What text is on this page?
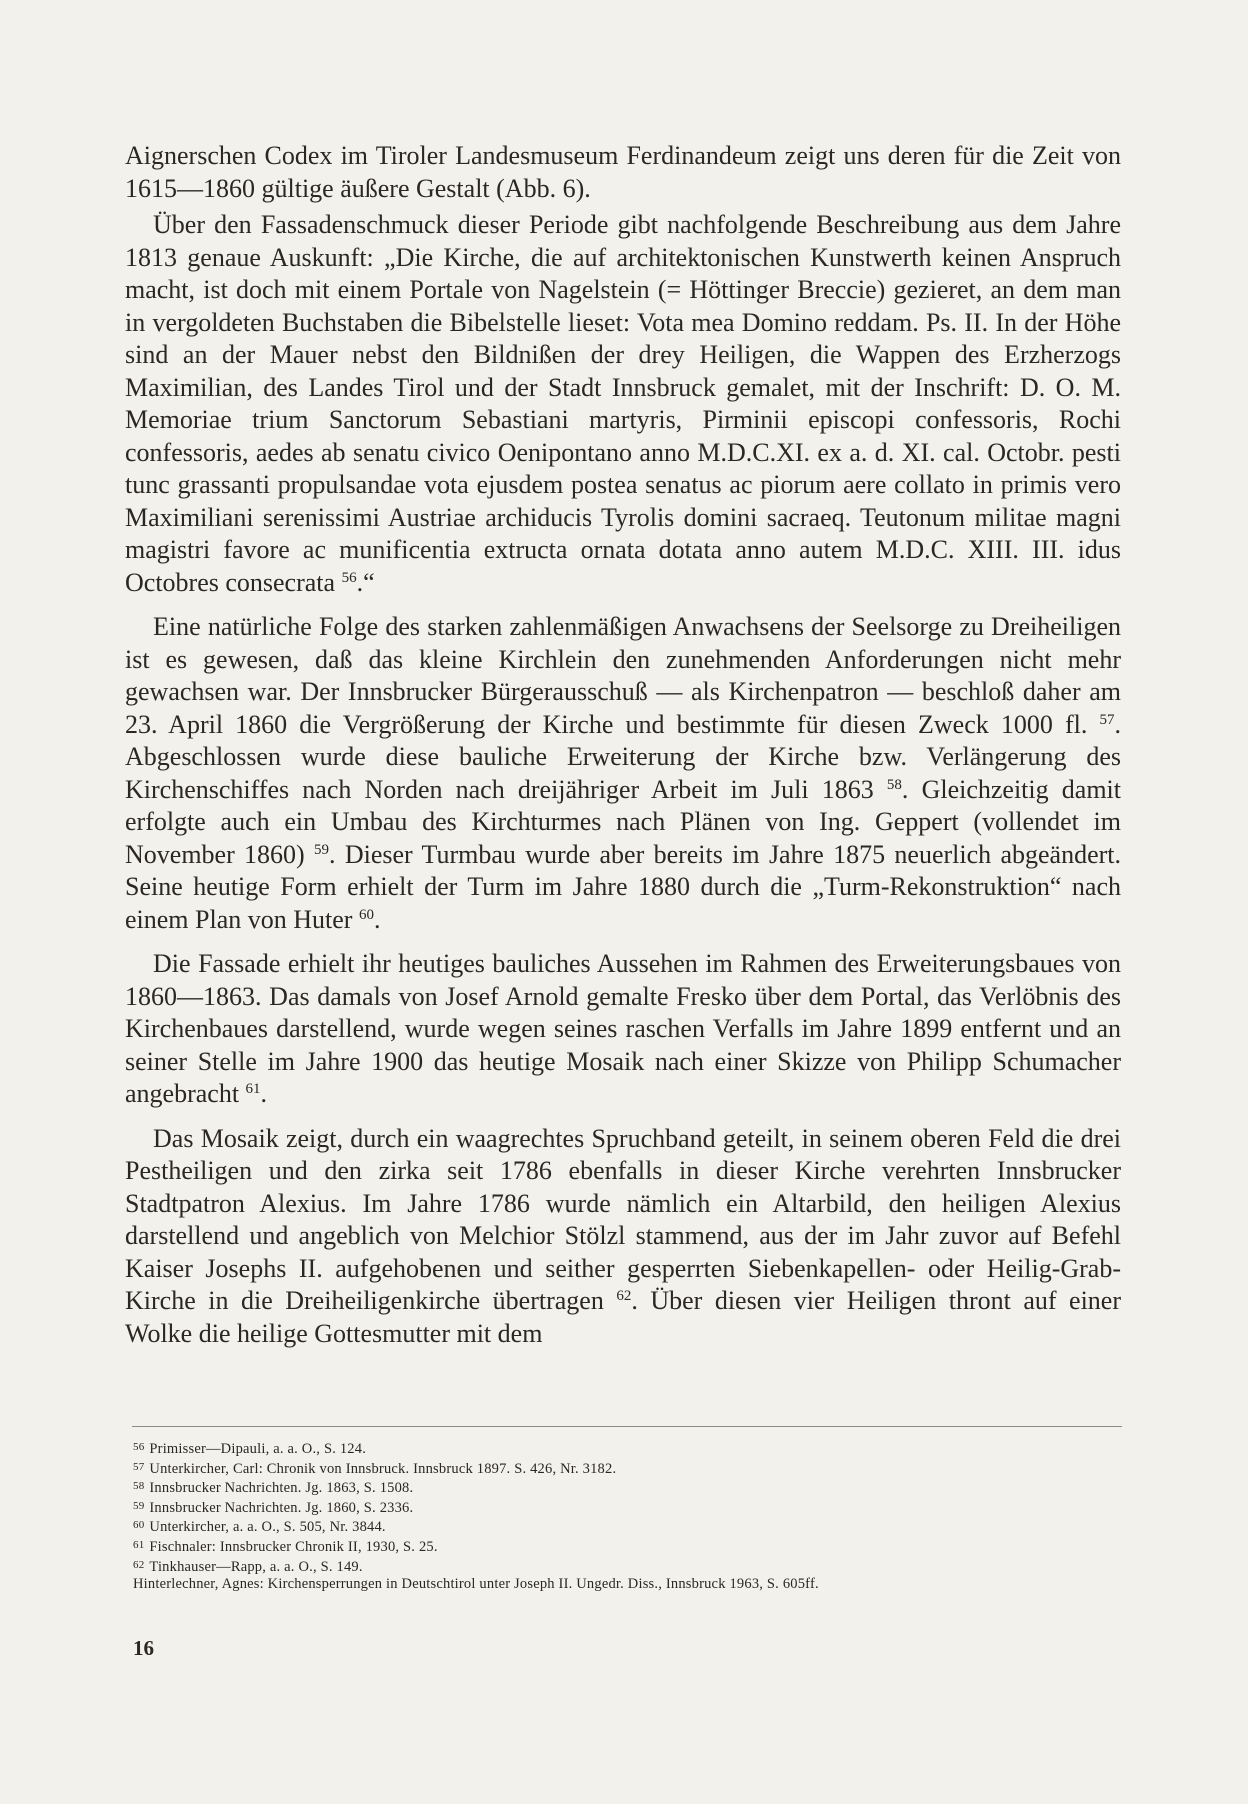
Aignerschen Codex im Tiroler Landesmuseum Ferdinandeum zeigt uns deren für die Zeit von 1615—1860 gültige äußere Gestalt (Abb. 6).

Über den Fassadenschmuck dieser Periode gibt nachfolgende Beschreibung aus dem Jahre 1813 genaue Auskunft: „Die Kirche, die auf architektonischen Kunstwerth keinen Anspruch macht, ist doch mit einem Portale von Nagelstein (= Höttinger Breccie) gezieret, an dem man in vergoldeten Buchstaben die Bibelstelle lieset: Vota mea Domino reddam. Ps. II. In der Höhe sind an der Mauer nebst den Bildnißen der drey Heiligen, die Wappen des Erzherzogs Maximilian, des Landes Tirol und der Stadt Innsbruck gemalet, mit der Inschrift: D. O. M. Memoriae trium Sanctorum Sebastiani martyris, Pirminii episcopi confessoris, Rochi confessoris, aedes ab senatu civico Oenipontano anno M.D.C.XI. ex a. d. XI. cal. Octobr. pesti tunc grassanti propulsandae vota ejusdem postea senatus ac piorum aere collato in primis vero Maximiliani serenissimi Austriae archiducis Tyrolis domini sacraeq. Teutonum militae magni magistri favore ac munificentia extructa ornata dotata anno autem M.D.C. XIII. III. idus Octobres consecrata $^{56}$.“

Eine natürliche Folge des starken zahlenmäßigen Anwachsens der Seelsorge zu Dreiheiligen ist es gewesen, daß das kleine Kirchlein den zunehmenden Anforderungen nicht mehr gewachsen war. Der Innsbrucker Bürgerausschuß — als Kirchenpatron — beschloß daher am 23. April 1860 die Vergrößerung der Kirche und bestimmte für diesen Zweck 1000 fl. $^{57}$. Abgeschlossen wurde diese bauliche Erweiterung der Kirche bzw. Verlängerung des Kirchenschiffes nach Norden nach dreijähriger Arbeit im Juli 1863 $^{58}$. Gleichzeitig damit erfolgte auch ein Umbau des Kirchturmes nach Plänen von Ing. Geppert (vollendet im November 1860) $^{59}$. Dieser Turmbau wurde aber bereits im Jahre 1875 neuerlich abgeändert. Seine heutige Form erhielt der Turm im Jahre 1880 durch die „Turm-Rekonstruktion“ nach einem Plan von Huter $^{60}$.

Die Fassade erhielt ihr heutiges bauliches Aussehen im Rahmen des Erweiterungsbaues von 1860—1863. Das damals von Josef Arnold gemalte Fresko über dem Portal, das Verlöbnis des Kirchenbaues darstellend, wurde wegen seines raschen Verfalls im Jahre 1899 entfernt und an seiner Stelle im Jahre 1900 das heutige Mosaik nach einer Skizze von Philipp Schumacher angebracht $^{61}$.

Das Mosaik zeigt, durch ein waagrechtes Spruchband geteilt, in seinem oberen Feld die drei Pestheiligen und den zirka seit 1786 ebenfalls in dieser Kirche verehrten Innsbrucker Stadtpatron Alexius. Im Jahre 1786 wurde nämlich ein Altarbild, den heiligen Alexius darstellend und angeblich von Melchior Stölzl stammend, aus der im Jahr zuvor auf Befehl Kaiser Josephs II. aufgehobenen und seither gesperrten Siebenkapellen- oder Heilig-Grab-Kirche in die Dreiheiligenkirche übertragen $^{62}$. Über diesen vier Heiligen thront auf einer Wolke die heilige Gottesmutter mit dem

$^{56}$ Primisser—Dipauli, a. a. O., S. 124.
$^{57}$ Unterkircher, Carl: Chronik von Innsbruck. Innsbruck 1897. S. 426, Nr. 3182.
$^{58}$ Innsbrucker Nachrichten. Jg. 1863, S. 1508.
$^{59}$ Innsbrucker Nachrichten. Jg. 1860, S. 2336.
$^{60}$ Unterkircher, a. a. O., S. 505, Nr. 3844.
$^{61}$ Fischnaler: Innsbrucker Chronik II, 1930, S. 25.
$^{62}$ Tinkhauser—Rapp, a. a. O., S. 149.
Hinterlechner, Agnes: Kirchensperrungen in Deutschtirol unter Joseph II. Ungedr. Diss., Innsbruck 1963, S. 605ff.
16
